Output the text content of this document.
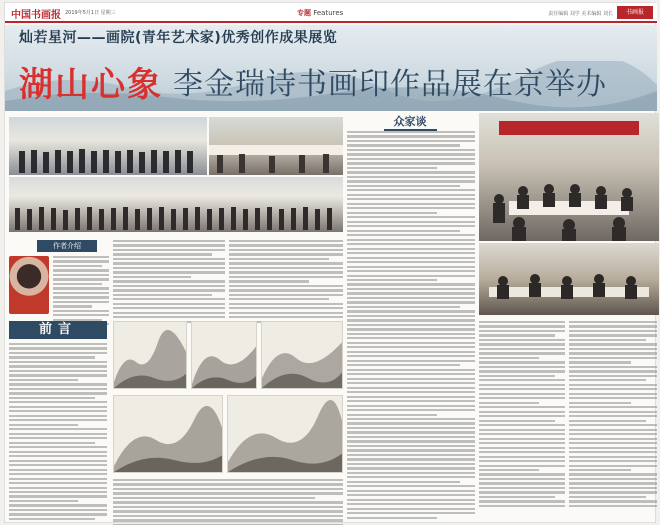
中国书画报 2019年5月1日 星期三	专题 Features	责任编辑 刘学 美术编辑 刘长	书画报
灿若星河——画院(青年艺术家)优秀创作成果展览
湖山心象 李金瑞诗书画印作品展在京举办
作者介绍
前言
众家谈
